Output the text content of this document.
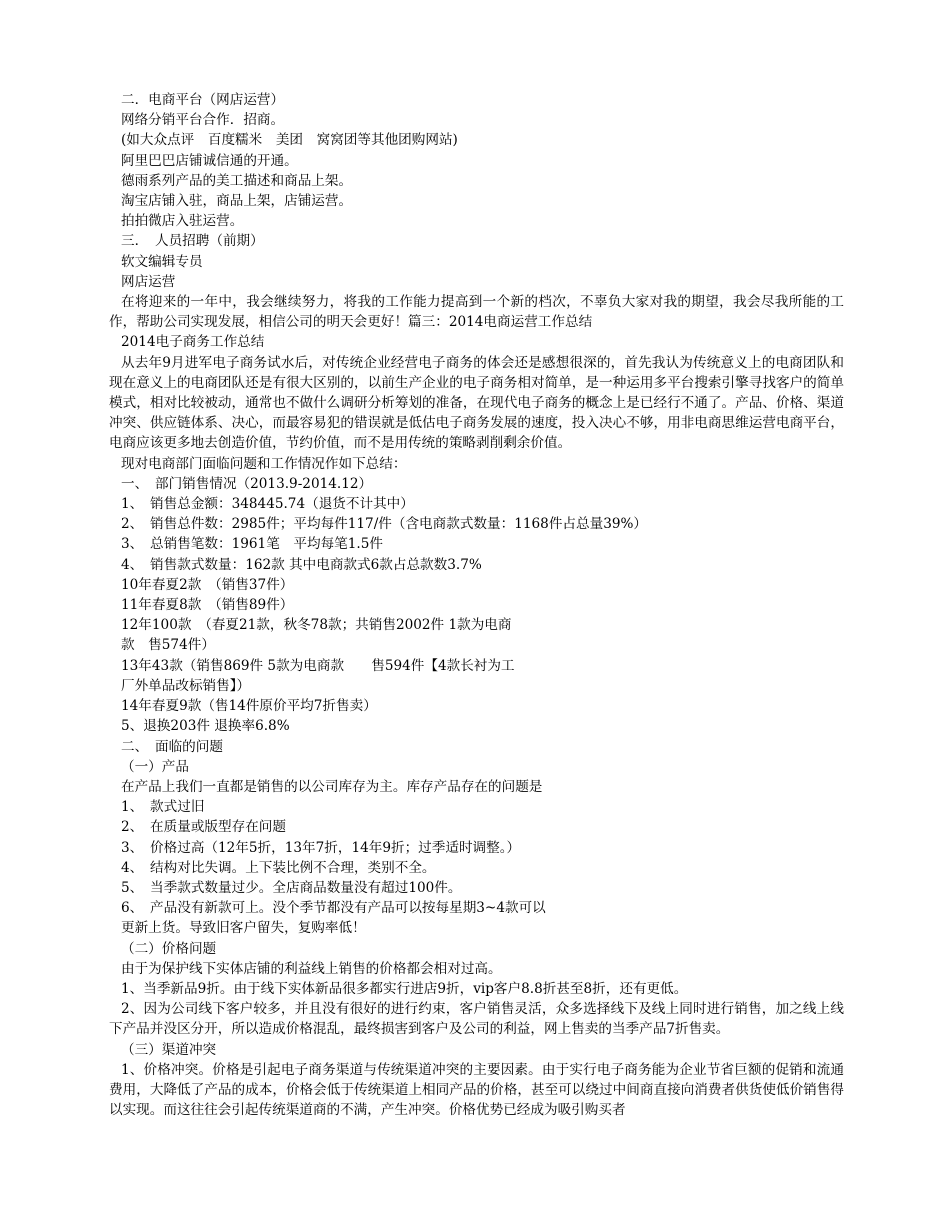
二．电商平台（网店运营）

网络分销平台合作．招商。

(如大众点评　百度糯米　美团　窝窝团等其他团购网站)

阿里巴巴店铺诚信通的开通。

德雨系列产品的美工描述和商品上架。

淘宝店铺入驻，商品上架，店铺运营。

拍拍微店入驻运营。

三．　人员招聘（前期）

软文编辑专员

网店运营

在将迎来的一年中，我会继续努力，将我的工作能力提高到一个新的档次，不辜负大家对我的期望，我会尽我所能的工作，帮助公司实现发展，相信公司的明天会更好！篇三：2014电商运营工作总结

2014电子商务工作总结

从去年9月进军电子商务试水后，对传统企业经营电子商务的体会还是感想很深的，首先我认为传统意义上的电商团队和现在意义上的电商团队还是有很大区别的，以前生产企业的电子商务相对简单，是一种运用多平台搜索引擎寻找客户的简单模式，相对比较被动，通常也不做什么调研分析筹划的准备，在现代电子商务的概念上是已经行不通了。产品、价格、渠道冲突、供应链体系、决心，而最容易犯的错误就是低估电子商务发展的速度，投入决心不够，用非电商思维运营电商平台，电商应该更多地去创造价值，节约价值，而不是用传统的策略剥削剩余价值。

现对电商部门面临问题和工作情况作如下总结：

一、　部门销售情况（2013.9-2014.12）

1、　销售总金额：348445.74（退货不计其中）

2、　销售总件数：2985件；平均每件117/件（含电商款式数量：1168件占总量39%）

3、　总销售笔数：1961笔　平均每笔1.5件

4、　销售款式数量：162款 其中电商款式6款占总款数3.7%

10年春夏2款　（销售37件）

11年春夏8款　（销售89件）

12年100款　（春夏21款，秋冬78款；共销售2002件 1款为电商

款　售574件）

13年43款（销售869件 5款为电商款　　售594件【4款长衬为工

厂外单品改标销售】）

14年春夏9款（售14件原价平均7折售卖）

5、退换203件 退换率6.8%

二、　面临的问题

（一）产品

在产品上我们一直都是销售的以公司库存为主。库存产品存在的问题是

1、　款式过旧

2、　在质量或版型存在问题

3、　价格过高（12年5折，13年7折，14年9折；过季适时调整。）

4、　结构对比失调。上下装比例不合理，类别不全。

5、　当季款式数量过少。全店商品数量没有超过100件。

6、　产品没有新款可上。没个季节都没有产品可以按每星期3~4款可以

更新上货。导致旧客户留失，复购率低！

（二）价格问题

由于为保护线下实体店铺的利益线上销售的价格都会相对过高。

1、当季新品9折。由于线下实体新品很多都实行进店9折，vip客户8.8折甚至8折，还有更低。

2、因为公司线下客户较多，并且没有很好的进行约束，客户销售灵活，众多选择线下及线上同时进行销售，加之线上线下产品并没区分开，所以造成价格混乱，最终损害到客户及公司的利益，网上售卖的当季产品7折售卖。

（三）渠道冲突

1、价格冲突。价格是引起电子商务渠道与传统渠道冲突的主要因素。由于实行电子商务能为企业节省巨额的促销和流通费用，大降低了产品的成本，价格会低于传统渠道上相同产品的价格，甚至可以绕过中间商直接向消费者供货使低价销售得以实现。而这往往会引起传统渠道商的不满，产生冲突。价格优势已经成为吸引购买者
